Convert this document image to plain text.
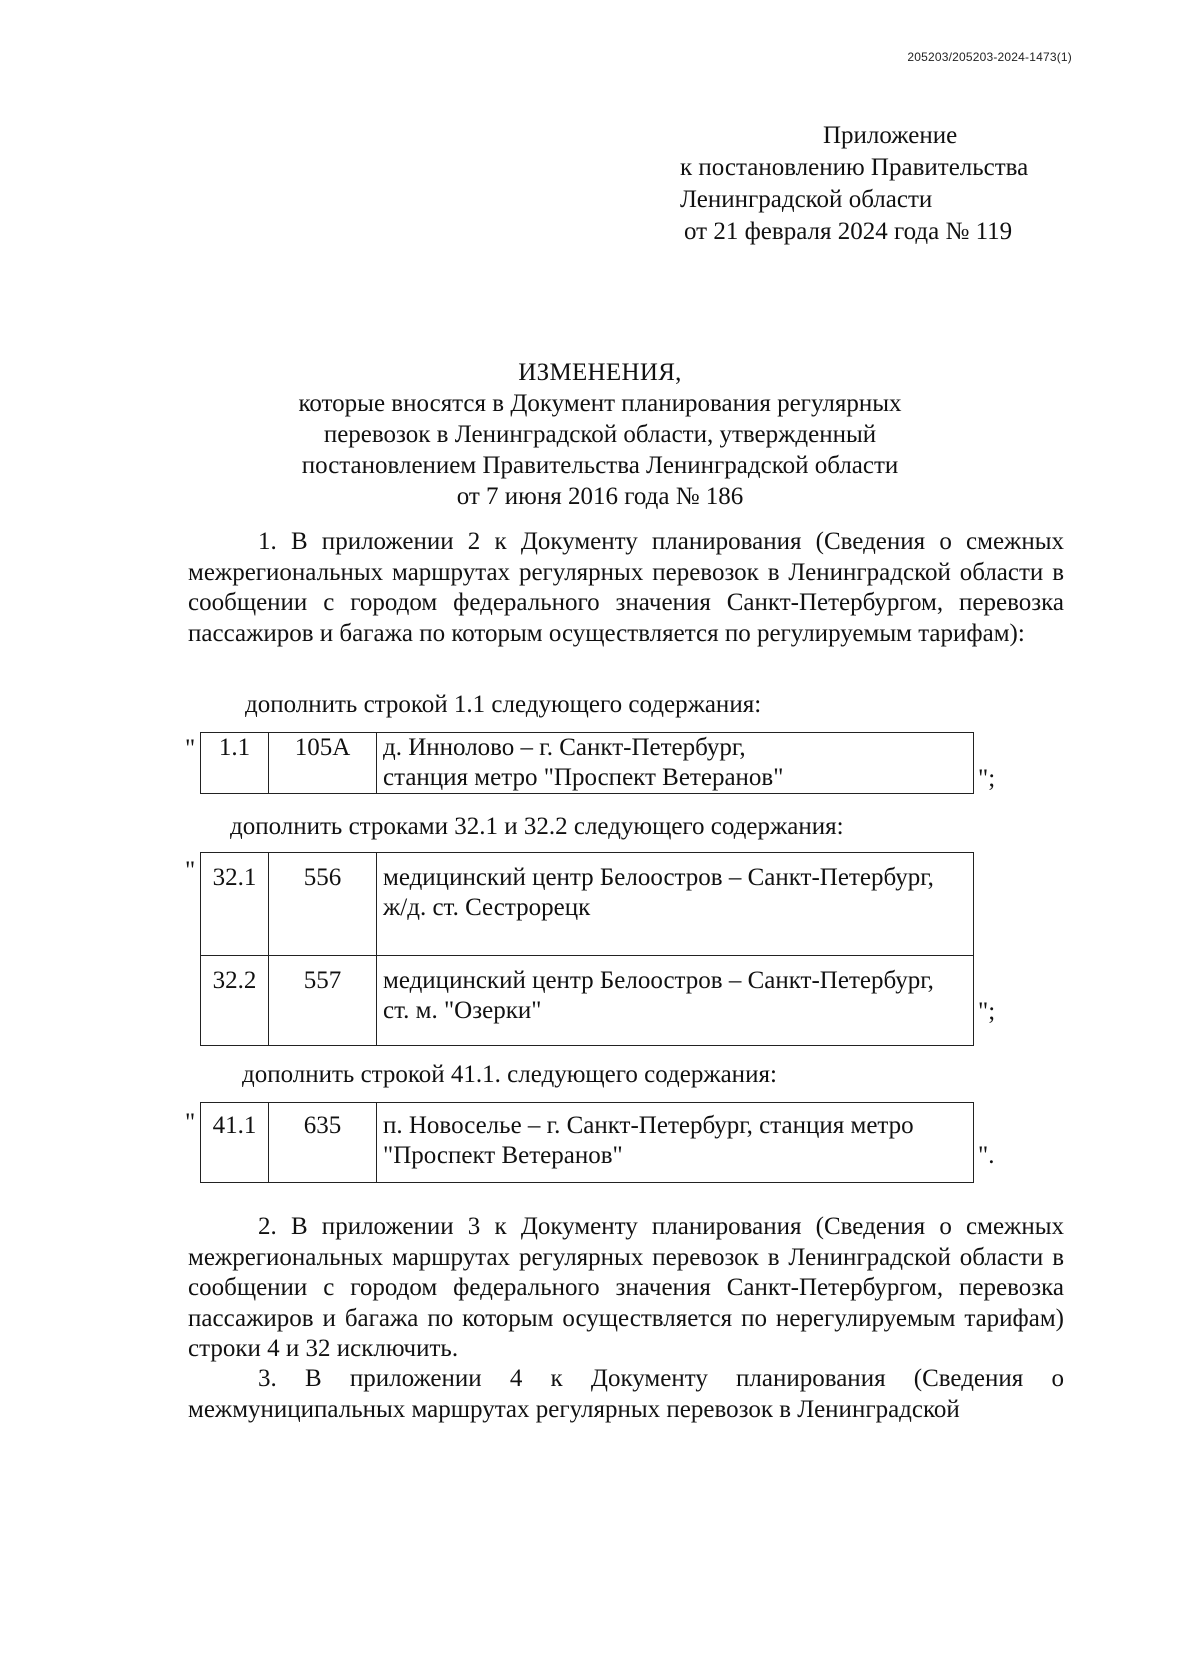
205203/205203-2024-1473(1)
Приложение
к постановлению Правительства
Ленинградской области
от 21 февраля 2024 года № 119
ИЗМЕНЕНИЯ,
которые вносятся в Документ планирования регулярных
перевозок в Ленинградской области, утвержденный
постановлением Правительства Ленинградской области
от 7 июня 2016 года № 186
1. В приложении 2 к Документу планирования (Сведения о смежных межрегиональных маршрутах регулярных перевозок в Ленинградской области в сообщении с городом федерального значения Санкт-Петербургом, перевозка пассажиров и багажа по которым осуществляется по регулируемым тарифам):
дополнить строкой 1.1 следующего содержания:
" 1.1	105А	д. Иннолово – г. Санкт-Петербург,
станция метро "Проспект Ветеранов"	";
дополнить строками 32.1 и 32.2 следующего содержания:
" 32.1	556	медицинский центр Белоостров – Санкт-Петербург,
ж/д. ст. Сестрорецк

32.2	557	медицинский центр Белоостров – Санкт-Петербург,
ст. м. "Озерки"	";
дополнить строкой 41.1. следующего содержания:
" 41.1	635	п. Новоселье – г. Санкт-Петербург, станция метро
"Проспект Ветеранов"	".
2. В приложении 3 к Документу планирования (Сведения о смежных межрегиональных маршрутах регулярных перевозок в Ленинградской области в сообщении с городом федерального значения Санкт-Петербургом, перевозка пассажиров и багажа по которым осуществляется по нерегулируемым тарифам) строки 4 и 32 исключить.
3. В приложении 4 к Документу планирования (Сведения о межмуниципальных маршрутах регулярных перевозок в Ленинградской
